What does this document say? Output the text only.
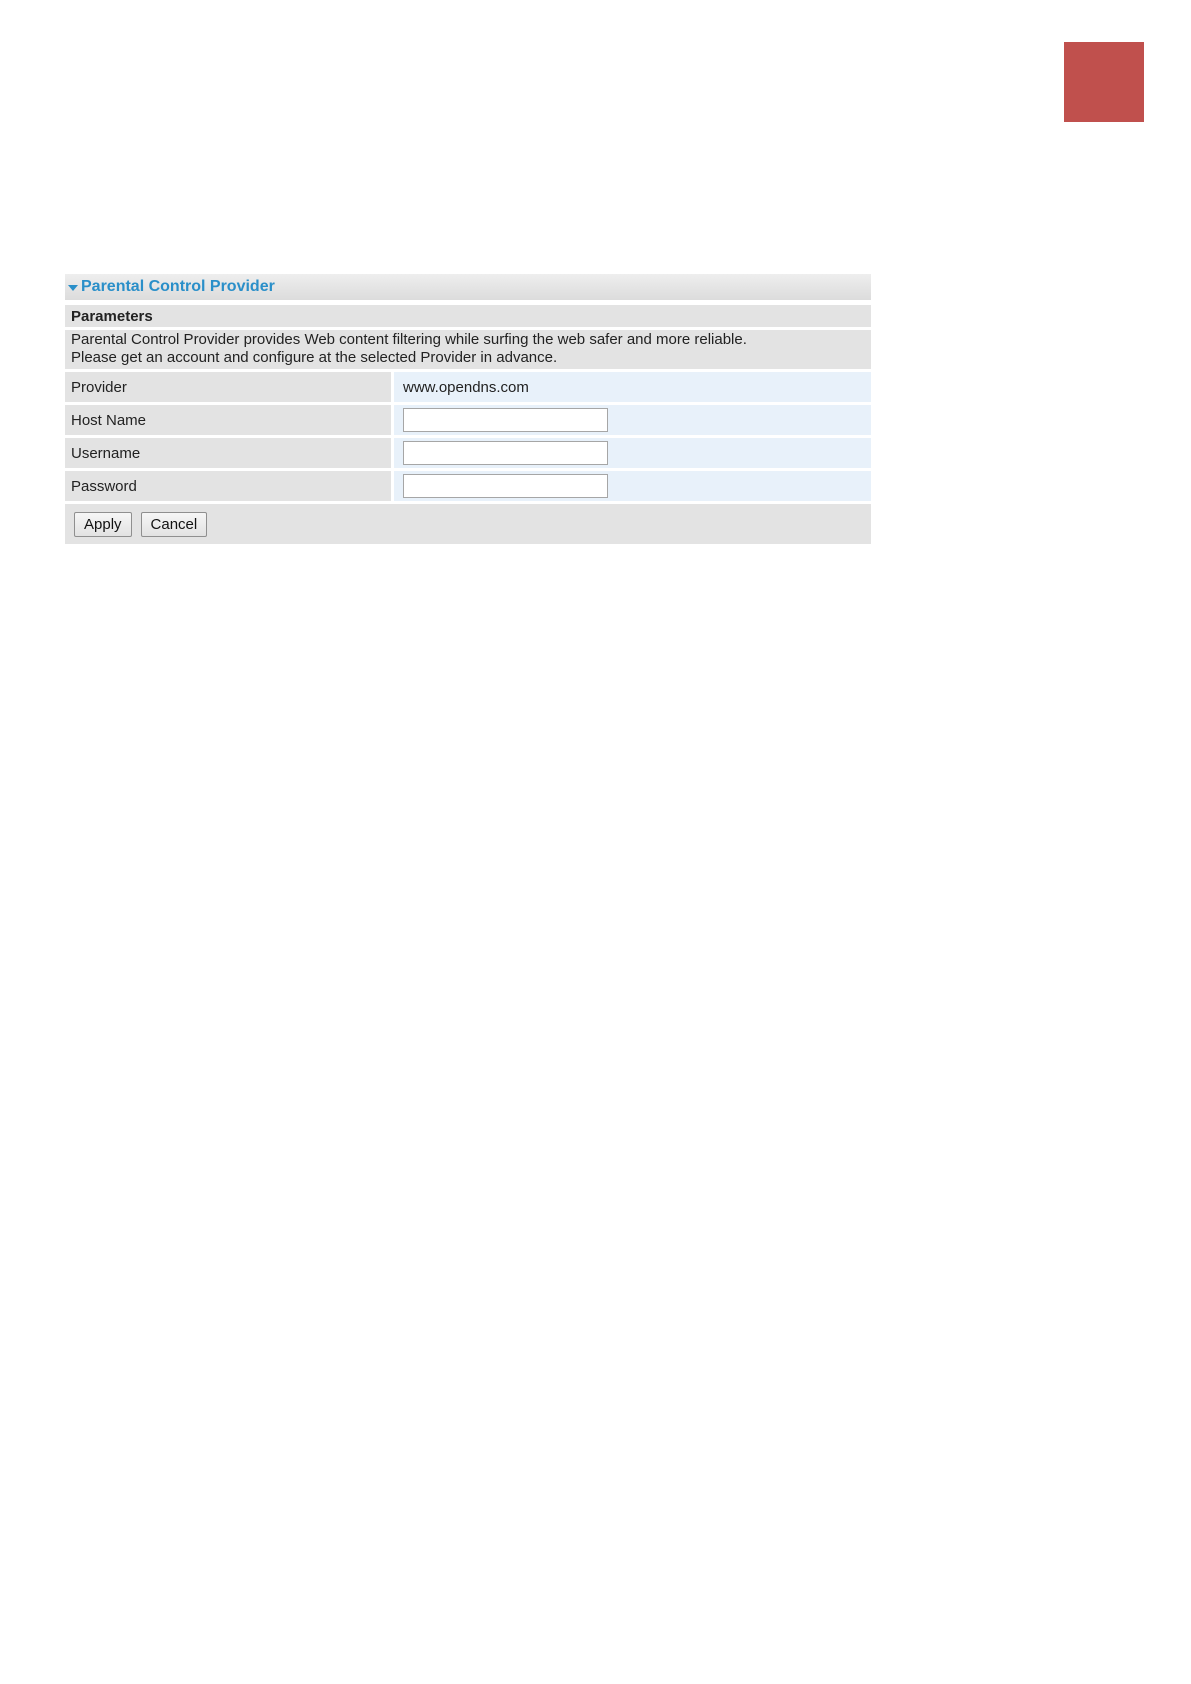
Parental Control Provider
Parameters
Parental Control Provider provides Web content filtering while surfing the web safer and more reliable.
Please get an account and configure at the selected Provider in advance.
Provider	www.opendns.com
Host Name
Username
Password
Apply	Cancel
